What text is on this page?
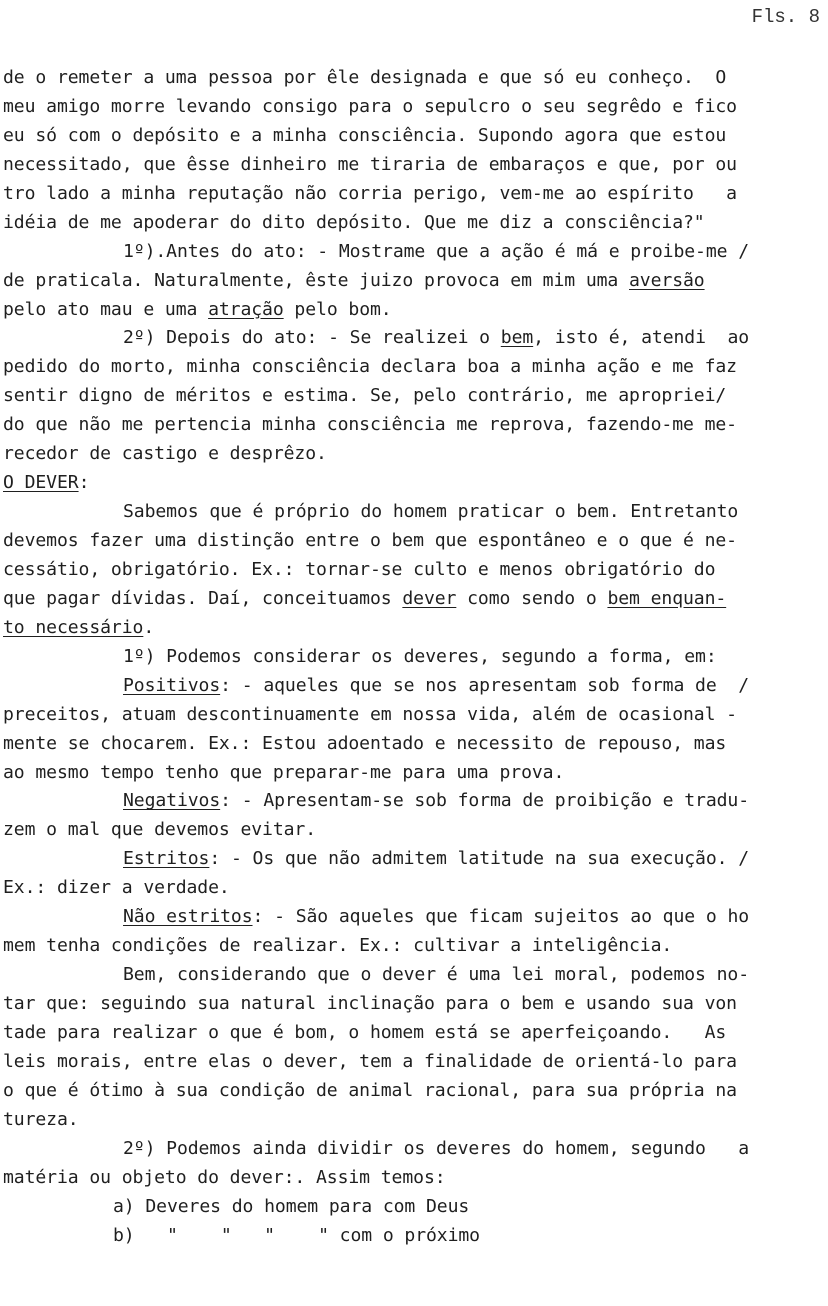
Fls. 8
de o remeter a uma pessoa por êle designada e que só eu conheço.  O
meu amigo morre levando consigo para o sepulcro o seu segrêdo e fico
eu só com o depósito e a minha consciência. Supondo agora que estou
necessitado, que êsse dinheiro me tiraria de embaraços e que, por ou
tro lado a minha reputação não corria perigo, vem-me ao espírito   a
idéia de me apoderar do dito depósito. Que me diz a consciência?"
1º).Antes do ato: - Mostrame que a ação é má e proibe-me /
de praticala. Naturalmente, êste juizo provoca em mim uma aversão
pelo ato mau e uma atração pelo bom.
2º) Depois do ato: - Se realizei o bem, isto é, atendi  ao
pedido do morto, minha consciência declara boa a minha ação e me faz
sentir digno de méritos e estima. Se, pelo contrário, me apropriei/
do que não me pertencia minha consciência me reprova, fazendo-me me-
recedor de castigo e desprêzo.
O DEVER:
Sabemos que é próprio do homem praticar o bem. Entretanto
devemos fazer uma distinção entre o bem que espontâneo e o que é ne-
cessátio, obrigatório. Ex.: tornar-se culto e menos obrigatório do
que pagar dívidas. Daí, conceituamos dever como sendo o bem enquan-
to necessário.
1º) Podemos considerar os deveres, segundo a forma, em:
Positivos: - aqueles que se nos apresentam sob forma de  /
preceitos, atuam descontinuamente em nossa vida, além de ocasional -
mente se chocarem. Ex.: Estou adoentado e necessito de repouso, mas
ao mesmo tempo tenho que preparar-me para uma prova.
Negativos: - Apresentam-se sob forma de proibição e tradu-
zem o mal que devemos evitar.
Estritos: - Os que não admitem latitude na sua execução. /
Ex.: dizer a verdade.
Não estritos: - São aqueles que ficam sujeitos ao que o ho
mem tenha condições de realizar. Ex.: cultivar a inteligência.
Bem, considerando que o dever é uma lei moral, podemos no-
tar que: seguindo sua natural inclinação para o bem e usando sua von
tade para realizar o que é bom, o homem está se aperfeiçoando.   As
leis morais, entre elas o dever, tem a finalidade de orientá-lo para
o que é ótimo à sua condição de animal racional, para sua própria na
tureza.
2º) Podemos ainda dividir os deveres do homem, segundo   a
matéria ou objeto do dever:. Assim temos:
a) Deveres do homem para com Deus
b)   "    "   "    " com o próximo
